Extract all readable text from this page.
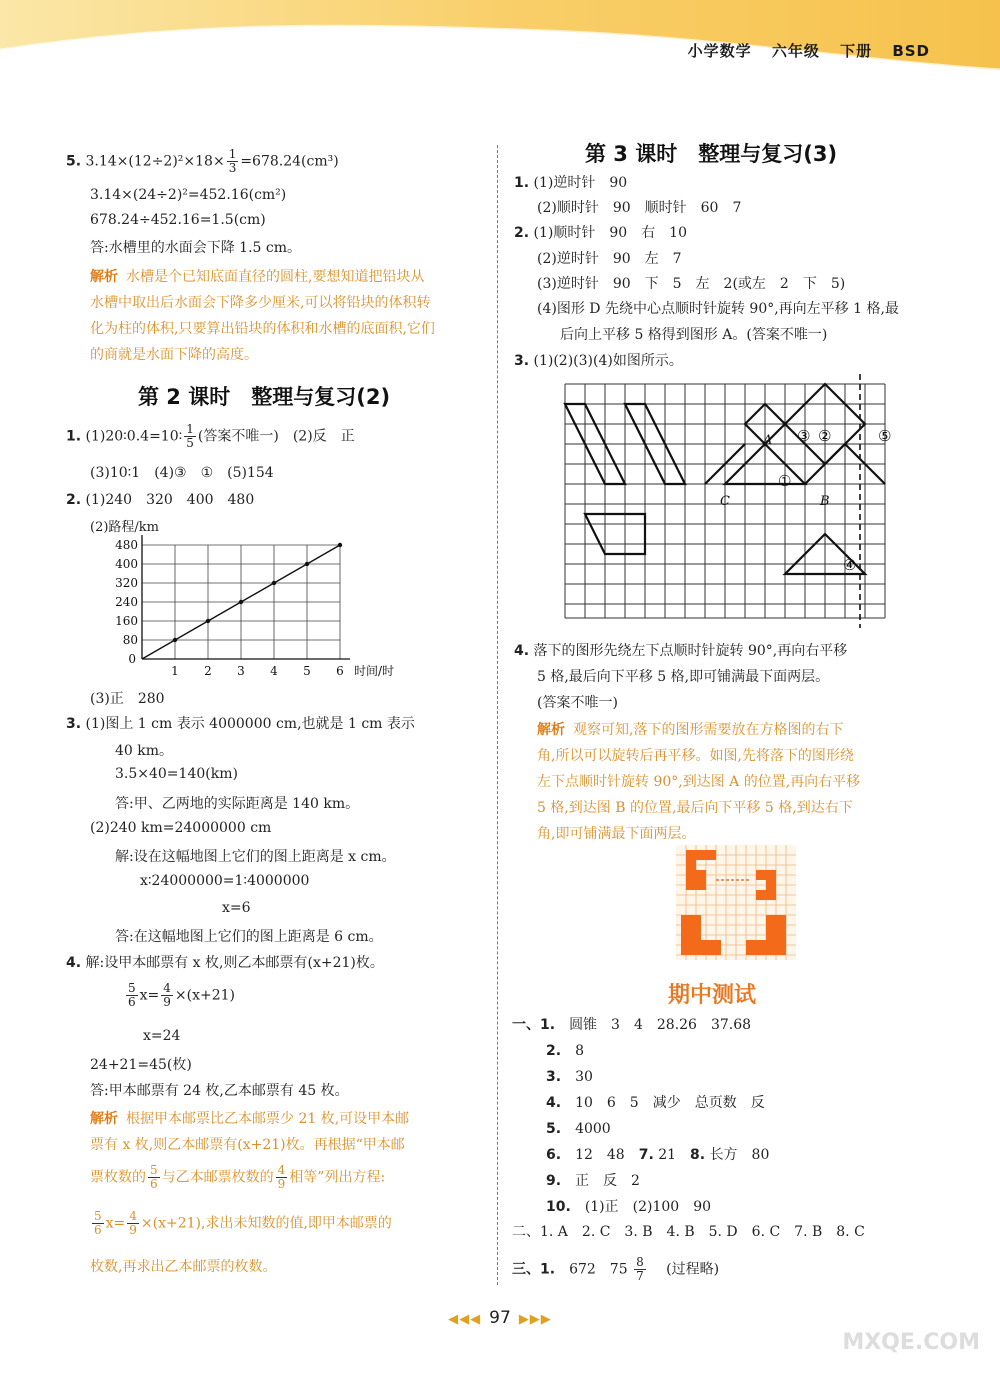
小学数学 六年级 下册 BSD
5. $3.14\times(12\div 2)^2\times 18\times \frac{1}{3} =678.24(cm^3)$
3.14×(24÷2)²=452.16(cm²)
678.24÷452.16=1.5(cm)
答:水槽里的水面会下降 1.5 cm。
解析 水槽是个已知底面直径的圆柱,要想知道把铅块从
水槽中取出后水面会下降多少厘米,可以将铅块的体积转
化为柱的体积,只要算出铅块的体积和水槽的底面积,它们
的商就是水面下降的高度。
第 2 课时　整理与复习(2)
1. (1)20∶0.4=10∶ $\frac{1}{5}$ (答案不唯一)　(2)反　正
(3)10∶1　(4)③　①　(5)154
2. (1)240　320　400　480
(2)路程/km
80
160
240
320
400
480
0
1 2 3 4 5 6 时间/时
(3)正　280
3. (1)图上 1 cm 表示 4000000 cm,也就是 1 cm 表示
40 km。
3.5×40=140(km)
答:甲、乙两地的实际距离是 140 km。
(2)240 km=24000000 cm
解:设在这幅地图上它们的图上距离是 x cm。
x∶24000000=1∶4000000
x=6
答:在这幅地图上它们的图上距离是 6 cm。
4. 解:设甲本邮票有 x 枚,则乙本邮票有(x+21)枚。
$\frac{5}{6} x= \frac{4}{9} \times(x+21)$
x=24
24+21=45(枚)
答:甲本邮票有 24 枚,乙本邮票有 45 枚。
解析 根据甲本邮票比乙本邮票少 21 枚,可设甲本邮
票有 x 枚,则乙本邮票有(x+21)枚。再根据“甲本邮
票枚数的 $\frac{5}{6}$ 与乙本邮票枚数的 $\frac{4}{9}$ 相等”列出方程:
$\frac{5}{6} x= \frac{4}{9} \times(x+21)$,求出未知数的值,即甲本邮票的
枚数,再求出乙本邮票的枚数。
第 3 课时　整理与复习(3)
1. (1)逆时针　90
(2)顺时针　90　顺时针　60　7
2. (1)顺时针　90　右　10
(2)逆时针　90　左　7
(3)逆时针　90　下　5　左　2(或左　2　下　5)
(4)图形 D 先绕中心点顺时针旋转 90°,再向左平移 1 格,最
后向上平移 5 格得到图形 A。(答案不唯一)
3. (1)(2)(3)(4)如图所示。
A
B
C
③ ②
①
④
⑤
4. 落下的图形先绕左下点顺时针旋转 90°,再向右平移
5 格,最后向下平移 5 格,即可铺满最下面两层。
(答案不唯一)
解析 观察可知,落下的图形需要放在方格图的右下
角,所以可以旋转后再平移。如图,先将落下的图形绕
左下点顺时针旋转 90°,到达图 A 的位置,再向右平移
5 格,到达图 B 的位置,最后向下平移 5 格,到达右下
角,即可铺满最下面两层。
期中测试
一、1.　 圆锥　3　4　28.26　37.68
2.　 8
3.　 30
4.　 10　6　5　减少　总页数　反
5.　 4000
6.　 12　48　 7. 21　 8. 长方　80
9.　 正　反　2
10.　 (1)正　(2)100　90
二、1. A　2. C　3. B　4. B　5. D　6. C　7. B　8. C
三、1.　 672　$75 \frac{8}{7}$
　 (过程略)
◀◀◀ 97 ▶▶▶
MXQE.COM
